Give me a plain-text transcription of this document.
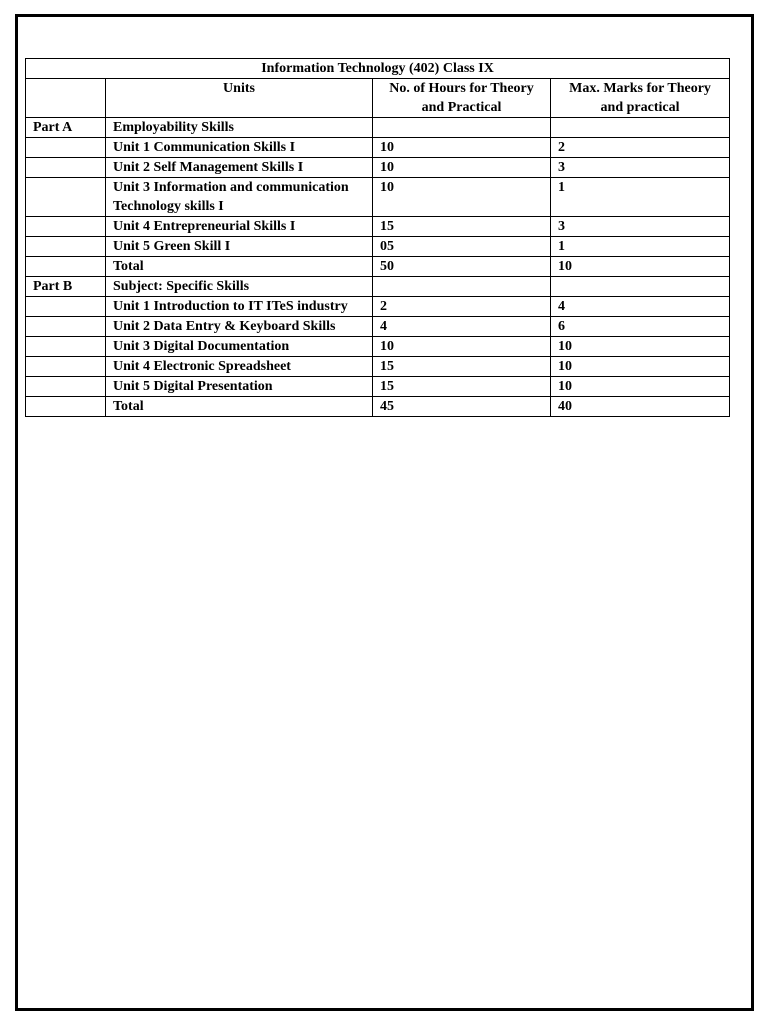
Information Technology (402) Class IX			
	Units	No. of Hours for Theory and Practical	Max. Marks for Theory and practical
Part A	Employability Skills		
	Unit 1 Communication Skills I	10	2
	Unit 2 Self Management Skills I	10	3
	Unit 3 Information and communication Technology skills I	10	1
	Unit 4 Entrepreneurial Skills I	15	3
	Unit 5 Green Skill I	05	1
	Total	50	10
Part B	Subject: Specific Skills		
	Unit 1 Introduction to IT ITeS industry	2	4
	Unit 2 Data Entry & Keyboard Skills	4	6
	Unit 3 Digital Documentation	10	10
	Unit 4 Electronic Spreadsheet	15	10
	Unit 5 Digital Presentation	15	10
	Total	45	40
